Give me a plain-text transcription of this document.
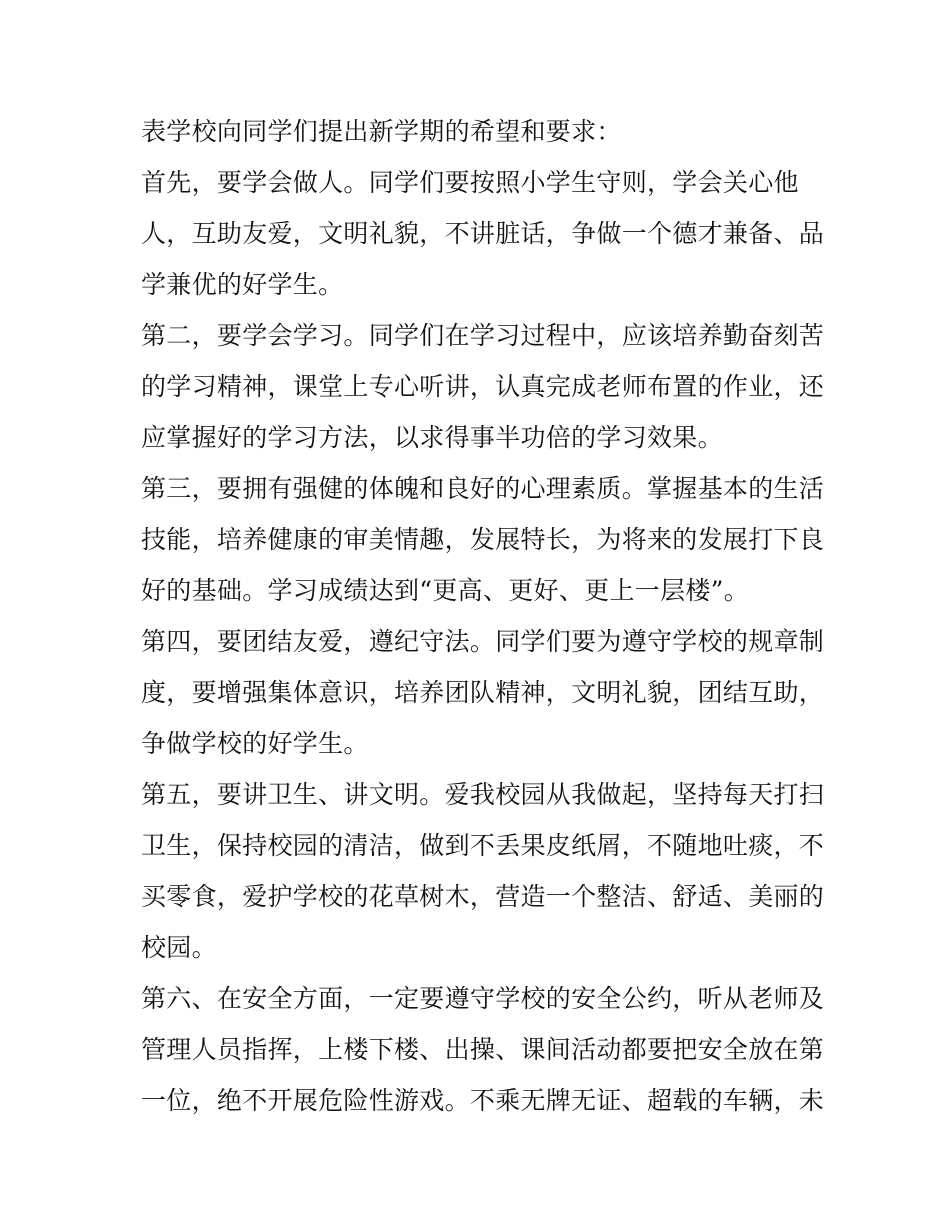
表学校向同学们提出新学期的希望和要求：
首先，要学会做人。同学们要按照小学生守则，学会关心他
人，互助友爱，文明礼貌，不讲脏话，争做一个德才兼备、品
学兼优的好学生。
第二，要学会学习。同学们在学习过程中，应该培养勤奋刻苦
的学习精神，课堂上专心听讲，认真完成老师布置的作业，还
应掌握好的学习方法，以求得事半功倍的学习效果。
第三，要拥有强健的体魄和良好的心理素质。掌握基本的生活
技能，培养健康的审美情趣，发展特长，为将来的发展打下良
好的基础。学习成绩达到“更高、更好、更上一层楼”。
第四，要团结友爱，遵纪守法。同学们要为遵守学校的规章制
度，要增强集体意识，培养团队精神，文明礼貌，团结互助，
争做学校的好学生。
第五，要讲卫生、讲文明。爱我校园从我做起，坚持每天打扫
卫生，保持校园的清洁，做到不丢果皮纸屑，不随地吐痰，不
买零食，爱护学校的花草树木，营造一个整洁、舒适、美丽的
校园。
第六、在安全方面，一定要遵守学校的安全公约，听从老师及
管理人员指挥，上楼下楼、出操、课间活动都要把安全放在第
一位，绝不开展危险性游戏。不乘无牌无证、超载的车辆，未
